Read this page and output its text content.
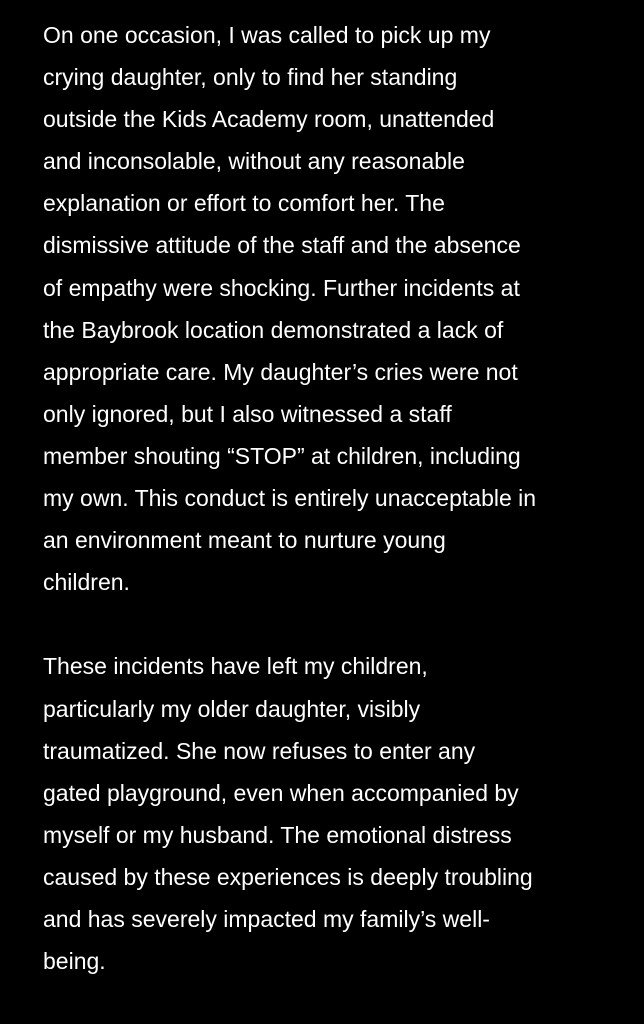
On one occasion, I was called to pick up my
crying daughter, only to find her standing
outside the Kids Academy room, unattended
and inconsolable, without any reasonable
explanation or effort to comfort her. The
dismissive attitude of the staff and the absence
of empathy were shocking. Further incidents at
the Baybrook location demonstrated a lack of
appropriate care. My daughter’s cries were not
only ignored, but I also witnessed a staff
member shouting “STOP” at children, including
my own. This conduct is entirely unacceptable in
an environment meant to nurture young
children.
These incidents have left my children,
particularly my older daughter, visibly
traumatized. She now refuses to enter any
gated playground, even when accompanied by
myself or my husband. The emotional distress
caused by these experiences is deeply troubling
and has severely impacted my family’s well-
being.
